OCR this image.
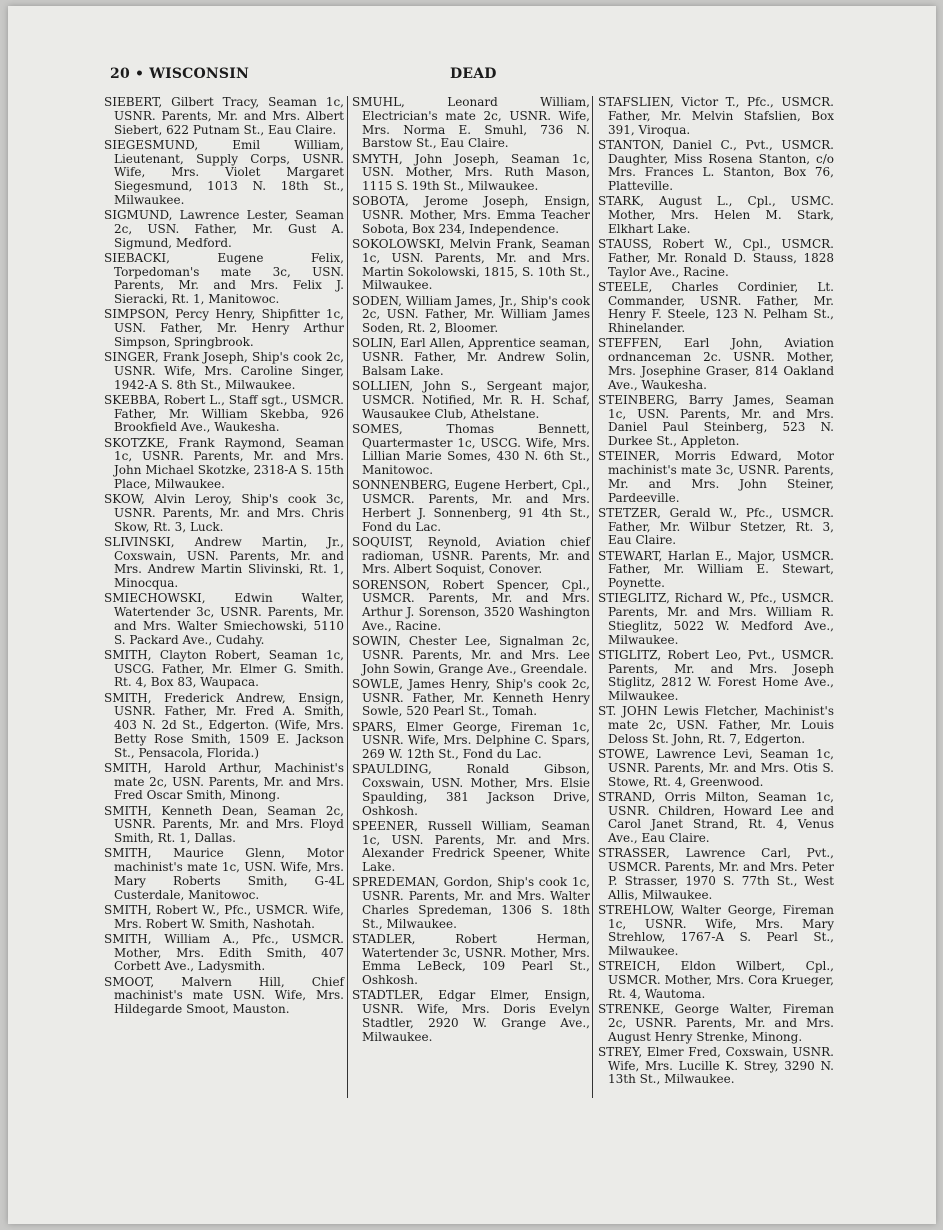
20 • WISCONSIN	DEAD

SIEBERT, Gilbert Tracy, Seaman 1c, USNR. Parents, Mr. and Mrs. Albert Siebert, 622 Putnam St., Eau Claire.

SIEGESMUND, Emil William, Lieutenant, Supply Corps, USNR. Wife, Mrs. Violet Margaret Siegesmund, 1013 N. 18th St., Milwaukee.

SIGMUND, Lawrence Lester, Seaman 2c, USN. Father, Mr. Gust A. Sigmund, Medford.

SIEBACKI, Eugene Felix, Torpedoman's mate 3c, USN. Parents, Mr. and Mrs. Felix J. Sieracki, Rt. 1, Manitowoc.

SIMPSON, Percy Henry, Shipfitter 1c, USN. Father, Mr. Henry Arthur Simpson, Springbrook.

SINGER, Frank Joseph, Ship's cook 2c, USNR. Wife, Mrs. Caroline Singer, 1942-A S. 8th St., Milwaukee.

SKEBBA, Robert L., Staff sgt., USMCR. Father, Mr. William Skebba, 926 Brookfield Ave., Waukesha.

SKOTZKE, Frank Raymond, Seaman 1c, USNR. Parents, Mr. and Mrs. John Michael Skotzke, 2318-A S. 15th Place, Milwaukee.

SKOW, Alvin Leroy, Ship's cook 3c, USNR. Parents, Mr. and Mrs. Chris Skow, Rt. 3, Luck.

SLIVINSKI, Andrew Martin, Jr., Coxswain, USN. Parents, Mr. and Mrs. Andrew Martin Slivinski, Rt. 1, Minocqua.

SMIECHOWSKI, Edwin Walter, Watertender 3c, USNR. Parents, Mr. and Mrs. Walter Smiechowski, 5110 S. Packard Ave., Cudahy.

SMITH, Clayton Robert, Seaman 1c, USCG. Father, Mr. Elmer G. Smith. Rt. 4, Box 83, Waupaca.

SMITH, Frederick Andrew, Ensign, USNR. Father, Mr. Fred A. Smith, 403 N. 2d St., Edgerton. (Wife, Mrs. Betty Rose Smith, 1509 E. Jackson St., Pensacola, Florida.)

SMITH, Harold Arthur, Machinist's mate 2c, USN. Parents, Mr. and Mrs. Fred Oscar Smith, Minong.

SMITH, Kenneth Dean, Seaman 2c, USNR. Parents, Mr. and Mrs. Floyd Smith, Rt. 1, Dallas.

SMITH, Maurice Glenn, Motor machinist's mate 1c, USN. Wife, Mrs. Mary Roberts Smith, G-4L Custerdale, Manitowoc.

SMITH, Robert W., Pfc., USMCR. Wife, Mrs. Robert W. Smith, Nashotah.

SMITH, William A., Pfc., USMCR. Mother, Mrs. Edith Smith, 407 Corbett Ave., Ladysmith.

SMOOT, Malvern Hill, Chief machinist's mate USN. Wife, Mrs. Hildegarde Smoot, Mauston.

SMUHL, Leonard William, Electrician's mate 2c, USNR. Wife, Mrs. Norma E. Smuhl, 736 N. Barstow St., Eau Claire.

SMYTH, John Joseph, Seaman 1c, USN. Mother, Mrs. Ruth Mason, 1115 S. 19th St., Milwaukee.

SOBOTA, Jerome Joseph, Ensign, USNR. Mother, Mrs. Emma Teacher Sobota, Box 234, Independence.

SOKOLOWSKI, Melvin Frank, Seaman 1c, USN. Parents, Mr. and Mrs. Martin Sokolowski, 1815, S. 10th St., Milwaukee.

SODEN, William James, Jr., Ship's cook 2c, USN. Father, Mr. William James Soden, Rt. 2, Bloomer.

SOLIN, Earl Allen, Apprentice seaman, USNR. Father, Mr. Andrew Solin, Balsam Lake.

SOLLIEN, John S., Sergeant major, USMCR. Notified, Mr. R. H. Schaf, Wausaukee Club, Athelstane.

SOMES, Thomas Bennett, Quartermaster 1c, USCG. Wife, Mrs. Lillian Marie Somes, 430 N. 6th St., Manitowoc.

SONNENBERG, Eugene Herbert, Cpl., USMCR. Parents, Mr. and Mrs. Herbert J. Sonnenberg, 91 4th St., Fond du Lac.

SOQUIST, Reynold, Aviation chief radioman, USNR. Parents, Mr. and Mrs. Albert Soquist, Conover.

SORENSON, Robert Spencer, Cpl., USMCR. Parents, Mr. and Mrs. Arthur J. Sorenson, 3520 Washington Ave., Racine.

SOWIN, Chester Lee, Signalman 2c, USNR. Parents, Mr. and Mrs. Lee John Sowin, Grange Ave., Greendale.

SOWLE, James Henry, Ship's cook 2c, USNR. Father, Mr. Kenneth Henry Sowle, 520 Pearl St., Tomah.

SPARS, Elmer George, Fireman 1c, USNR. Wife, Mrs. Delphine C. Spars, 269 W. 12th St., Fond du Lac.

SPAULDING, Ronald Gibson, Coxswain, USN. Mother, Mrs. Elsie Spaulding, 381 Jackson Drive, Oshkosh.

SPEENER, Russell William, Seaman 1c, USN. Parents, Mr. and Mrs. Alexander Fredrick Speener, White Lake.

SPREDEMAN, Gordon, Ship's cook 1c, USNR. Parents, Mr. and Mrs. Walter Charles Spredeman, 1306 S. 18th St., Milwaukee.

STADLER, Robert Herman, Watertender 3c, USNR. Mother, Mrs. Emma LeBeck, 109 Pearl St., Oshkosh.

STADTLER, Edgar Elmer, Ensign, USNR. Wife, Mrs. Doris Evelyn Stadtler, 2920 W. Grange Ave., Milwaukee.

STAFSLIEN, Victor T., Pfc., USMCR. Father, Mr. Melvin Stafslien, Box 391, Viroqua.

STANTON, Daniel C., Pvt., USMCR. Daughter, Miss Rosena Stanton, c/o Mrs. Frances L. Stanton, Box 76, Platteville.

STARK, August L., Cpl., USMC. Mother, Mrs. Helen M. Stark, Elkhart Lake.

STAUSS, Robert W., Cpl., USMCR. Father, Mr. Ronald D. Stauss, 1828 Taylor Ave., Racine.

STEELE, Charles Cordinier, Lt. Commander, USNR. Father, Mr. Henry F. Steele, 123 N. Pelham St., Rhinelander.

STEFFEN, Earl John, Aviation ordnanceman 2c. USNR. Mother, Mrs. Josephine Graser, 814 Oakland Ave., Waukesha.

STEINBERG, Barry James, Seaman 1c, USN. Parents, Mr. and Mrs. Daniel Paul Steinberg, 523 N. Durkee St., Appleton.

STEINER, Morris Edward, Motor machinist's mate 3c, USNR. Parents, Mr. and Mrs. John Steiner, Pardeeville.

STETZER, Gerald W., Pfc., USMCR. Father, Mr. Wilbur Stetzer, Rt. 3, Eau Claire.

STEWART, Harlan E., Major, USMCR. Father, Mr. William E. Stewart, Poynette.

STIEGLITZ, Richard W., Pfc., USMCR. Parents, Mr. and Mrs. William R. Stieglitz, 5022 W. Medford Ave., Milwaukee.

STIGLITZ, Robert Leo, Pvt., USMCR. Parents, Mr. and Mrs. Joseph Stiglitz, 2812 W. Forest Home Ave., Milwaukee.

ST. JOHN Lewis Fletcher, Machinist's mate 2c, USN. Father, Mr. Louis Deloss St. John, Rt. 7, Edgerton.

STOWE, Lawrence Levi, Seaman 1c, USNR. Parents, Mr. and Mrs. Otis S. Stowe, Rt. 4, Greenwood.

STRAND, Orris Milton, Seaman 1c, USNR. Children, Howard Lee and Carol Janet Strand, Rt. 4, Venus Ave., Eau Claire.

STRASSER, Lawrence Carl, Pvt., USMCR. Parents, Mr. and Mrs. Peter P. Strasser, 1970 S. 77th St., West Allis, Milwaukee.

STREHLOW, Walter George, Fireman 1c, USNR. Wife, Mrs. Mary Strehlow, 1767-A S. Pearl St., Milwaukee.

STREICH, Eldon Wilbert, Cpl., USMCR. Mother, Mrs. Cora Krueger, Rt. 4, Wautoma.

STRENKE, George Walter, Fireman 2c, USNR. Parents, Mr. and Mrs. August Henry Strenke, Minong.

STREY, Elmer Fred, Coxswain, USNR. Wife, Mrs. Lucille K. Strey, 3290 N. 13th St., Milwaukee.
